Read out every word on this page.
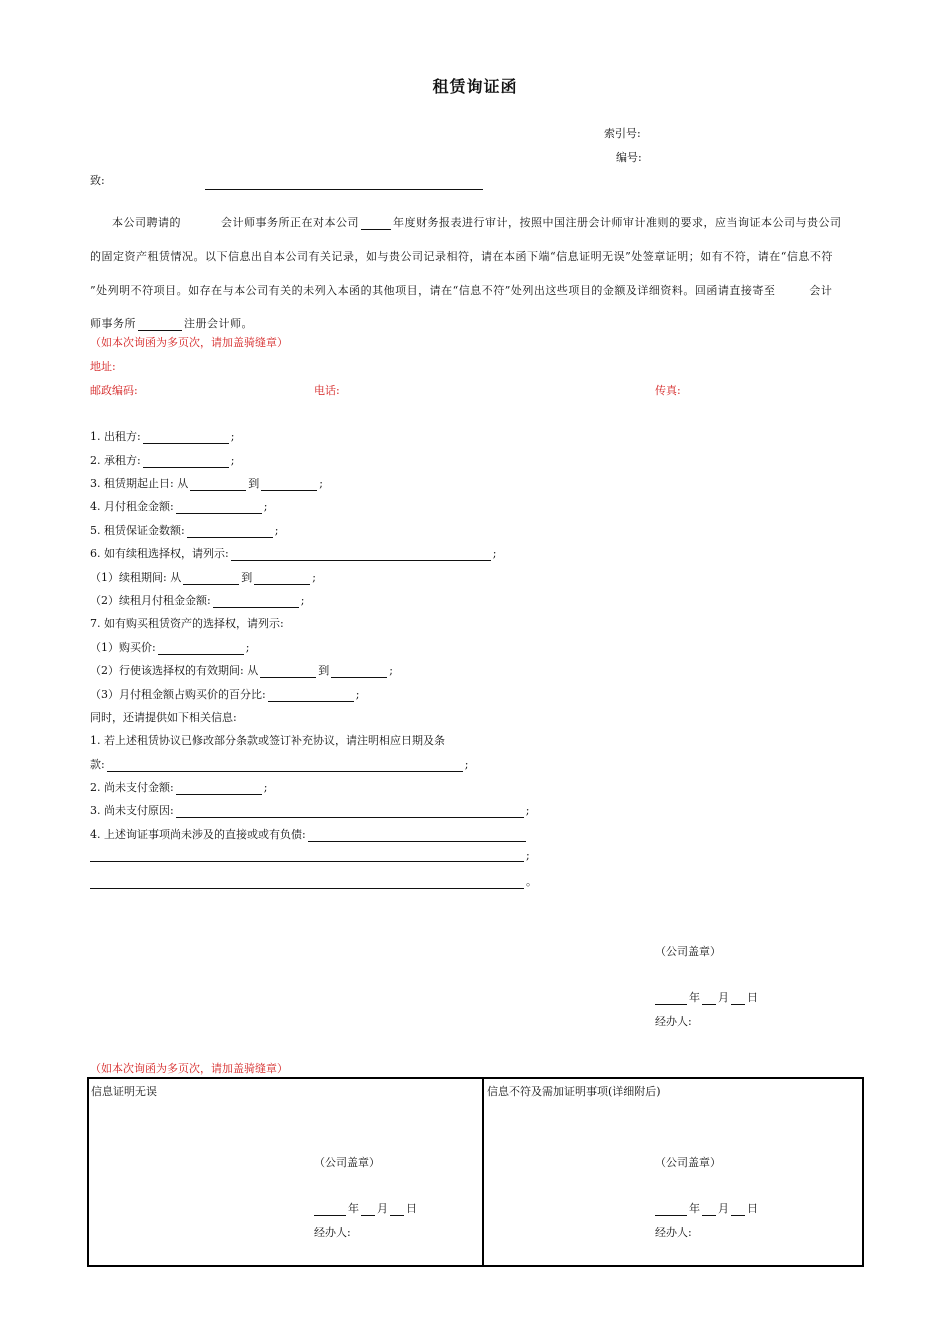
租赁询证函
索引号:
编号:
致:
本公司聘请的	会计师事务所正在对本公司	年度财务报表进行审计，按照中国注册会计师审计准则的要求，应当询证本公司与贵公司
的固定资产租赁情况。以下信息出自本公司有关记录，如与贵公司记录相符，请在本函下端“信息证明无误”处签章证明；如有不符，请在“信息不符
”处列明不符项目。如存在与本公司有关的未列入本函的其他项目，请在“信息不符”处列出这些项目的金额及详细资料。回函请直接寄至	会计
师事务所	注册会计师。
（如本次询函为多页次，请加盖骑缝章）
地址:
邮政编码:	电话:	传真:
1. 出租方:	;
2. 承租方:	;
3. 租赁期起止日: 从	到	;
4. 月付租金金额:	;
5. 租赁保证金数额:	;
6. 如有续租选择权，请列示:	;
（1）续租期间: 从	到	;
（2）续租月付租金金额:	;
7. 如有购买租赁资产的选择权，请列示:
（1）购买价:	;
（2）行使该选择权的有效期间: 从	到	;
（3）月付租金额占购买价的百分比:	;
同时，还请提供如下相关信息:
1. 若上述租赁协议已修改部分条款或签订补充协议，请注明相应日期及条
款:	;
2. 尚未支付金额:	;
3. 尚未支付原因:	;
4. 上述询证事项尚未涉及的直接或或有负债:
;
。
（公司盖章）
年 月 日
经办人:
（如本次询函为多页次，请加盖骑缝章）
信息证明无误	信息不符及需加证明事项(详细附后)
（公司盖章）
年 月 日
经办人:
（公司盖章）
年 月 日
经办人:
